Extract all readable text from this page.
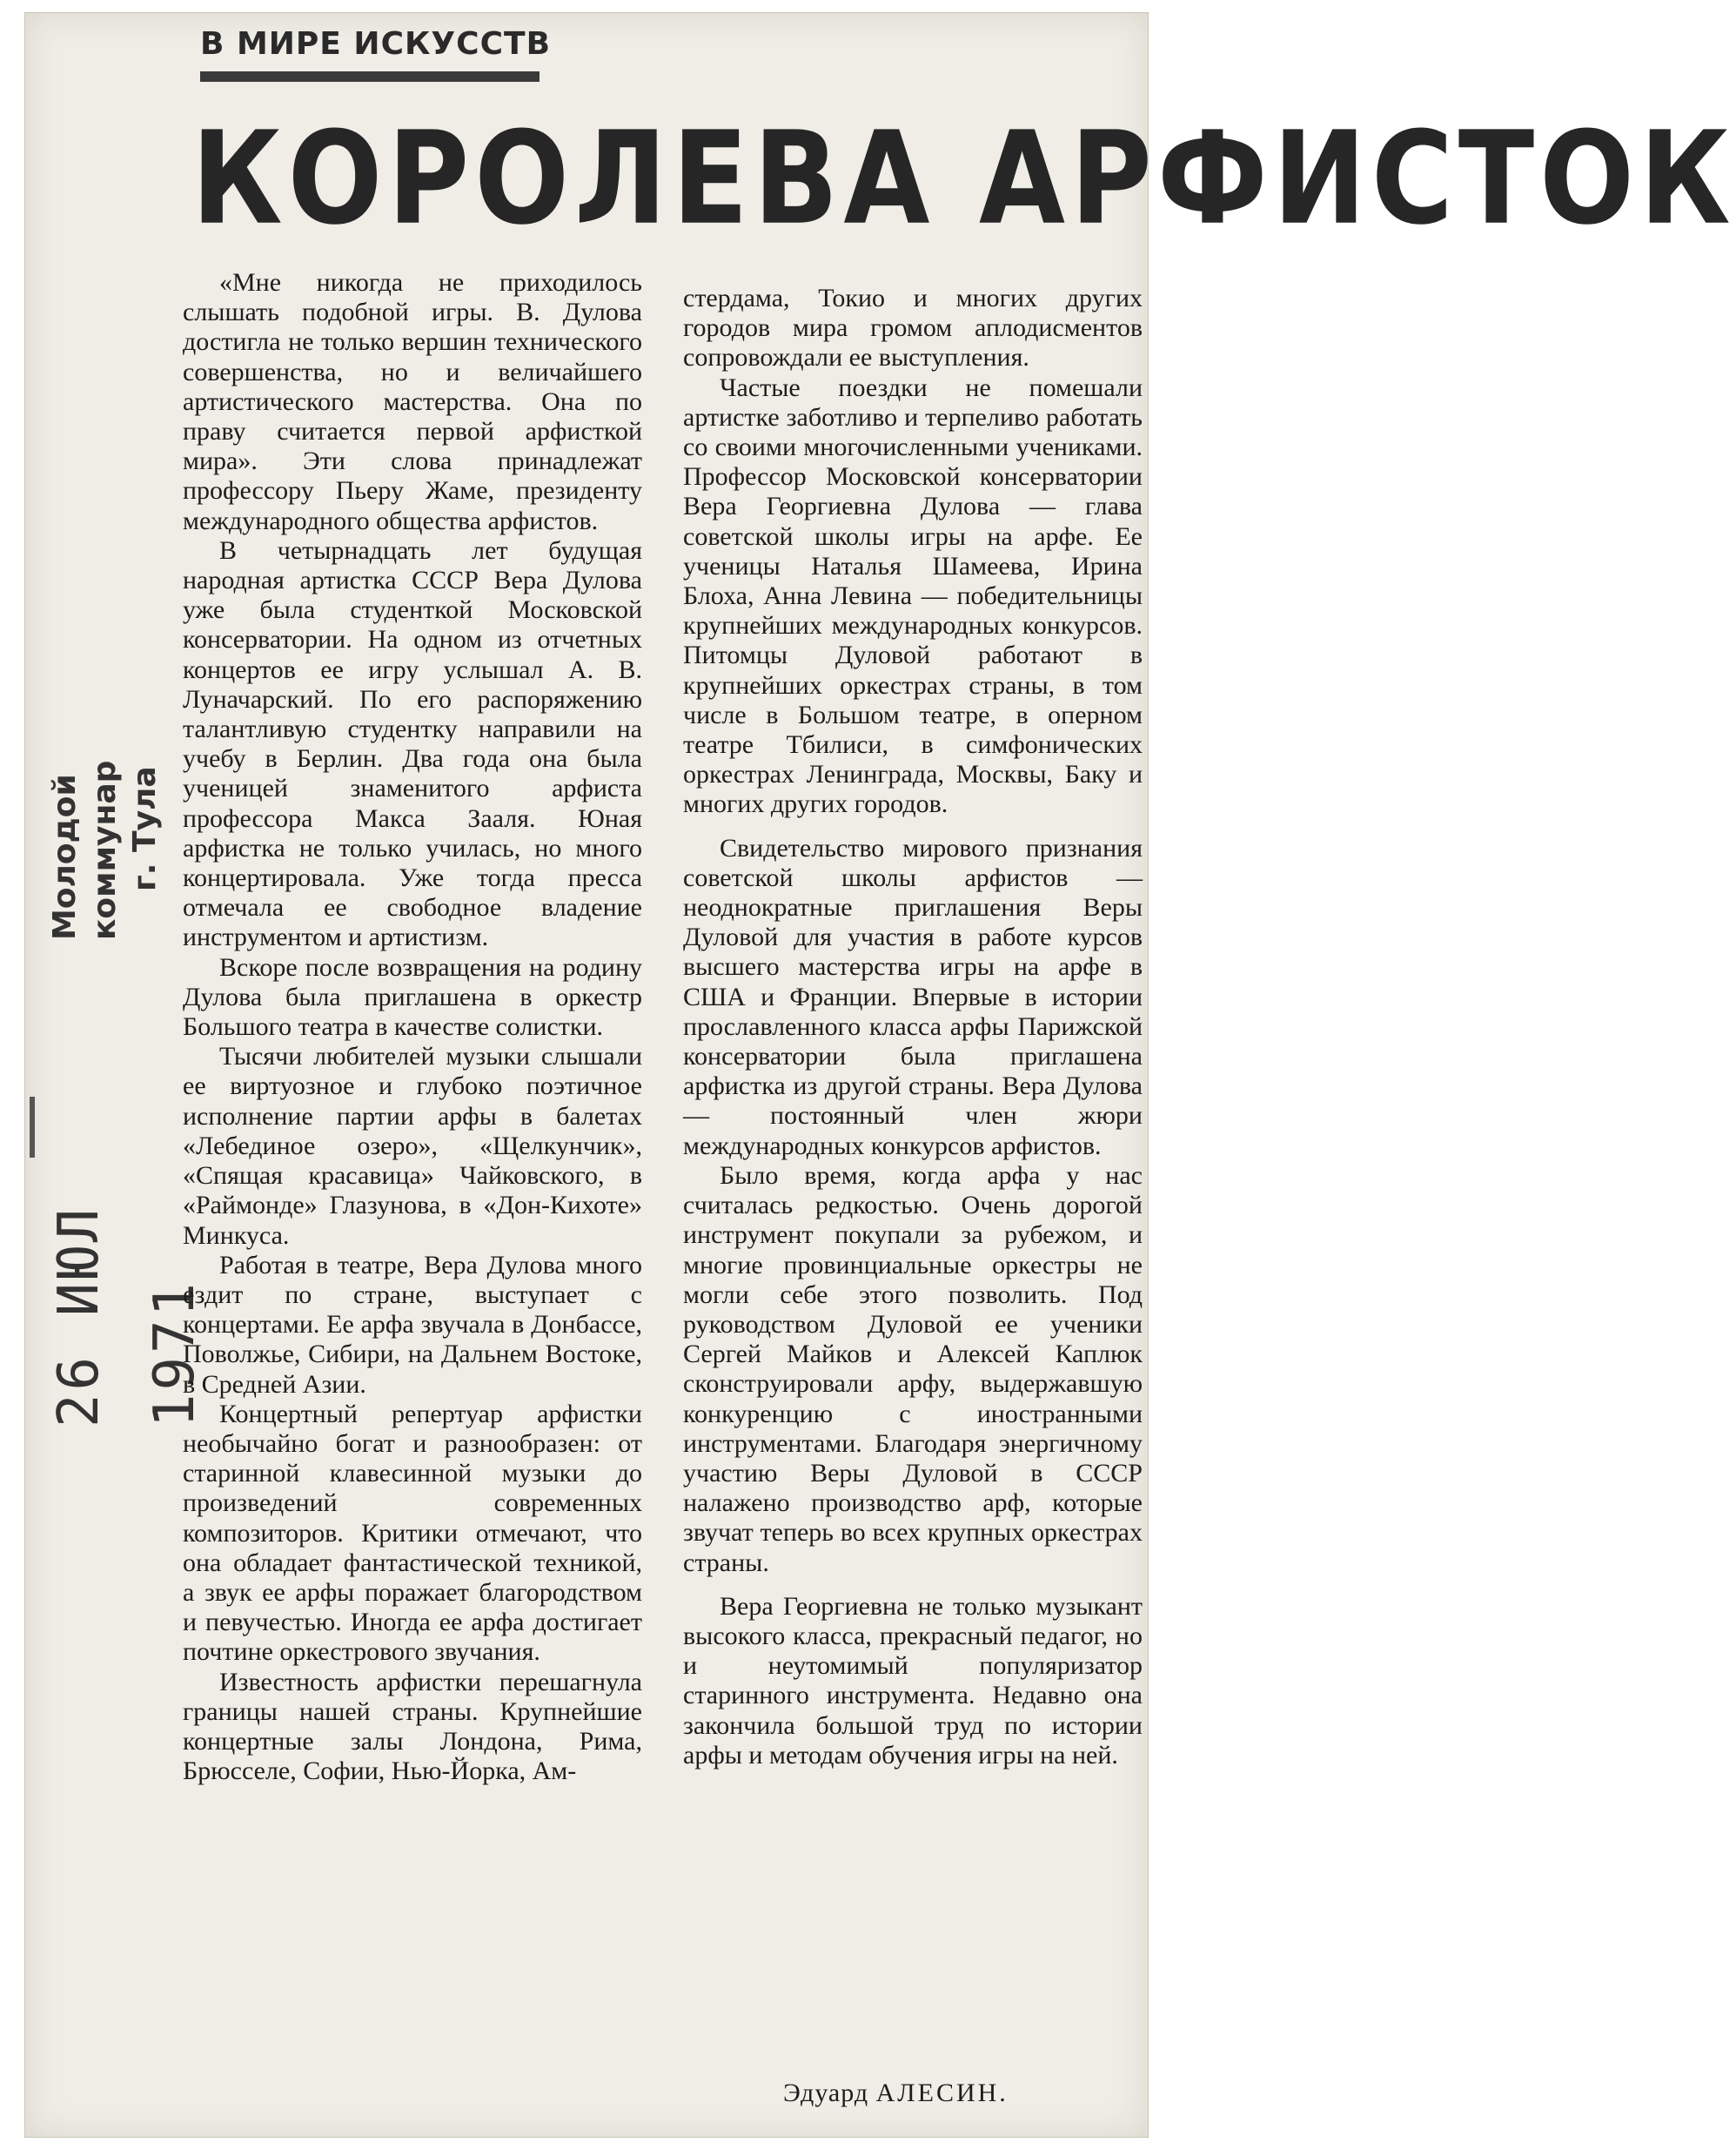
В МИРЕ ИСКУССТВ
КОРОЛЕВА АРФИСТОК
Молодой коммунар г. Тула
26 ИЮЛ 1971

«Мне никогда не приходилось слышать подобной игры. В. Дулова достигла не только вершин технического совершенства, но и величайшего артистического мастерства. Она по праву считается первой арфисткой мира». Эти слова принадлежат профессору Пьеру Жаме, президенту международного общества арфистов.

В четырнадцать лет будущая народная артистка СССР Вера Дулова уже была студенткой Московской консерватории. На одном из отчетных концертов ее игру услышал А. В. Луначарский. По его распоряжению талантливую студентку направили на учебу в Берлин. Два года она была ученицей знаменитого арфиста профессора Макса Зааля. Юная арфистка не только училась, но много концертировала. Уже тогда пресса отмечала ее свободное владение инструментом и артистизм.

Вскоре после возвращения на родину Дулова была приглашена в оркестр Большого театра в качестве солистки.

Тысячи любителей музыки слышали ее виртуозное и глубоко поэтичное исполнение партии арфы в балетах «Лебединое озеро», «Щелкунчик», «Спящая красавица» Чайковского, в «Раймонде» Глазунова, в «Дон-Кихоте» Минкуса.

Работая в театре, Вера Дулова много ездит по стране, выступает с концертами. Ее арфа звучала в Донбассе, Поволжье, Сибири, на Дальнем Востоке, в Средней Азии.

Концертный репертуар арфистки необычайно богат и разнообразен: от старинной клавесинной музыки до произведений современных композиторов. Критики отмечают, что она обладает фантастической техникой, а звук ее арфы поражает благородством и певучестью. Иногда ее арфа достигает почтине оркестрового звучания.

Известность арфистки перешагнула границы нашей страны. Крупнейшие концертные залы Лондона, Рима, Брюсселе, Софии, Нью-Йорка, Ам-

стердама, Токио и многих других городов мира громом аплодисментов сопровождали ее выступления.

Частые поездки не помешали артистке заботливо и терпеливо работать со своими многочисленными учениками. Профессор Московской консерватории Вера Георгиевна Дулова — глава советской школы игры на арфе. Ее ученицы Наталья Шамеева, Ирина Блоха, Анна Левина — победительницы крупнейших международных конкурсов. Питомцы Дуловой работают в крупнейших оркестрах страны, в том числе в Большом театре, в оперном театре Тбилиси, в симфонических оркестрах Ленинграда, Москвы, Баку и многих других городов.

Свидетельство мирового признания советской школы арфистов — неоднократные приглашения Веры Дуловой для участия в работе курсов высшего мастерства игры на арфе в США и Франции. Впервые в истории прославленного класса арфы Парижской консерватории была приглашена арфистка из другой страны. Вера Дулова — постоянный член жюри международных конкурсов арфистов.

Было время, когда арфа у нас считалась редкостью. Очень дорогой инструмент покупали за рубежом, и многие провинциальные оркестры не могли себе этого позволить. Под руководством Дуловой ее ученики Сергей Майков и Алексей Каплюк сконструировали арфу, выдержавшую конкуренцию с иностранными инструментами. Благодаря энергичному участию Веры Дуловой в СССР налажено производство арф, которые звучат теперь во всех крупных оркестрах страны.

Вера Георгиевна не только музыкант высокого класса, прекрасный педагог, но и неутомимый популяризатор старинного инструмента. Недавно она закончила большой труд по истории арфы и методам обучения игры на ней.

Эдуард АЛЕСИН.
